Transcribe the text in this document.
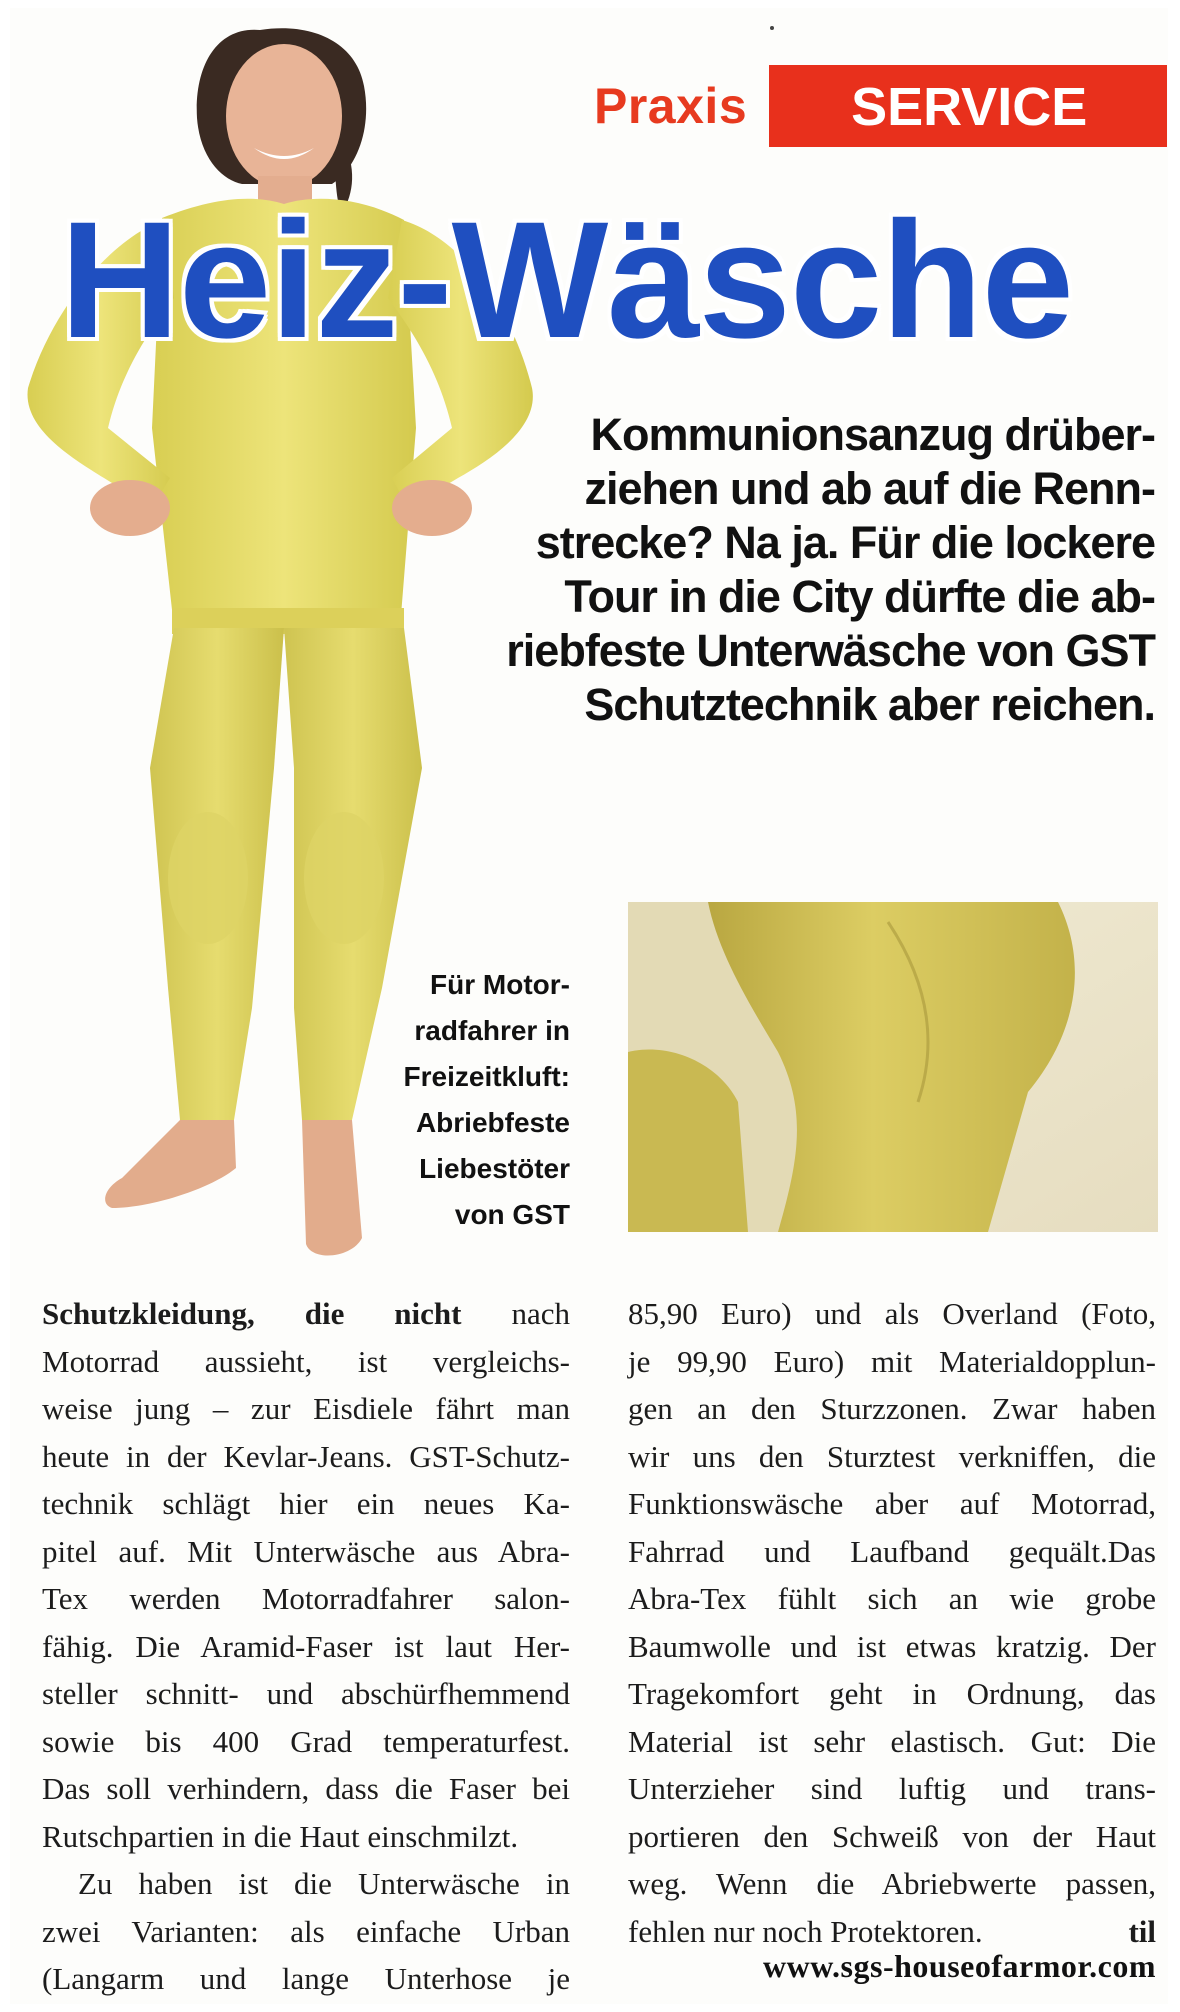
Praxis	SERVICE
Heiz-Wäsche
Kommunionsanzug drüber-
ziehen und ab auf die Renn-
strecke? Na ja. Für die lockere
Tour in die City dürfte die ab-
riebfeste Unterwäsche von GST
Schutztechnik aber reichen.
Für Motor-
radfahrer in
Freizeitkluft:
Abriebfeste
Liebestöter
von GST
Schutzkleidung, die nicht nach
Motorrad aussieht, ist vergleichs-
weise jung – zur Eisdiele fährt man
heute in der Kevlar-Jeans. GST-Schutz-
technik schlägt hier ein neues Ka-
pitel auf. Mit Unterwäsche aus Abra-
Tex werden Motorradfahrer salon-
fähig. Die Aramid-Faser ist laut Her-
steller schnitt- und abschürfhemmend
sowie bis 400 Grad temperaturfest.
Das soll verhindern, dass die Faser bei
Rutschpartien in die Haut einschmilzt.
Zu haben ist die Unterwäsche in
zwei Varianten: als einfache Urban
(Langarm und lange Unterhose je
85,90 Euro) und als Overland (Foto,
je 99,90 Euro) mit Materialdopplun-
gen an den Sturzzonen. Zwar haben
wir uns den Sturztest verkniffen, die
Funktionswäsche aber auf Motorrad,
Fahrrad und Laufband gequält.Das
Abra-Tex fühlt sich an wie grobe
Baumwolle und ist etwas kratzig. Der
Tragekomfort geht in Ordnung, das
Material ist sehr elastisch. Gut: Die
Unterzieher sind luftig und trans-
portieren den Schweiß von der Haut
weg. Wenn die Abriebwerte passen,
fehlen nur noch Protektoren.	til
www.sgs-houseofarmor.com
